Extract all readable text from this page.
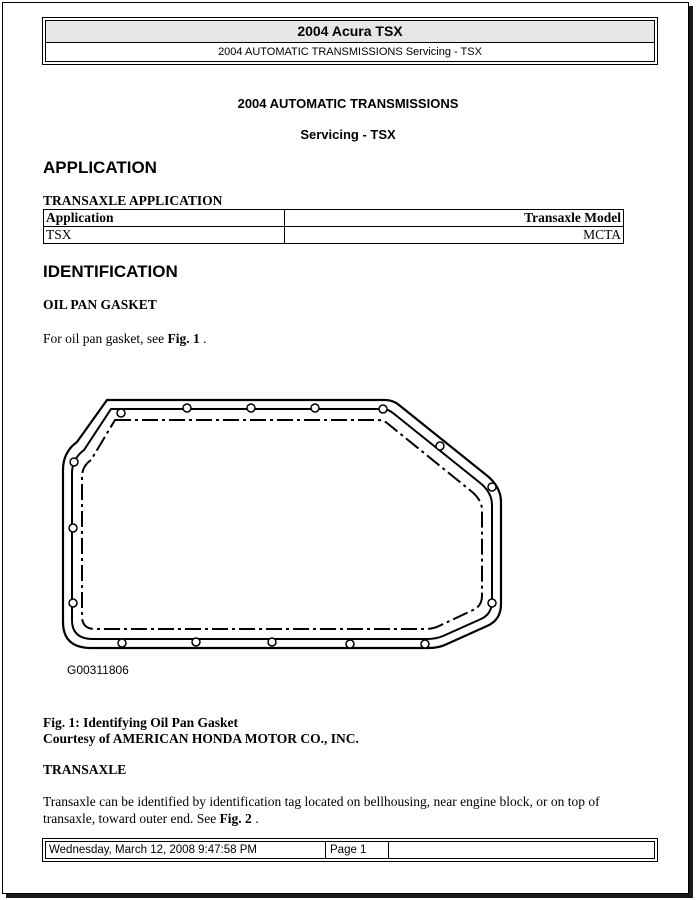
2004 Acura TSX
2004 AUTOMATIC TRANSMISSIONS Servicing - TSX
2004 AUTOMATIC TRANSMISSIONS
Servicing - TSX
APPLICATION
TRANSAXLE APPLICATION
Application	Transaxle Model
TSX	MCTA
IDENTIFICATION
OIL PAN GASKET
For oil pan gasket, see Fig. 1 .
G00311806
Fig. 1: Identifying Oil Pan Gasket
Courtesy of AMERICAN HONDA MOTOR CO., INC.
TRANSAXLE
Transaxle can be identified by identification tag located on bellhousing, near engine block, or on top of transaxle, toward outer end. See Fig. 2 .
Wednesday, March 12, 2008 9:47:58 PM	Page 1
